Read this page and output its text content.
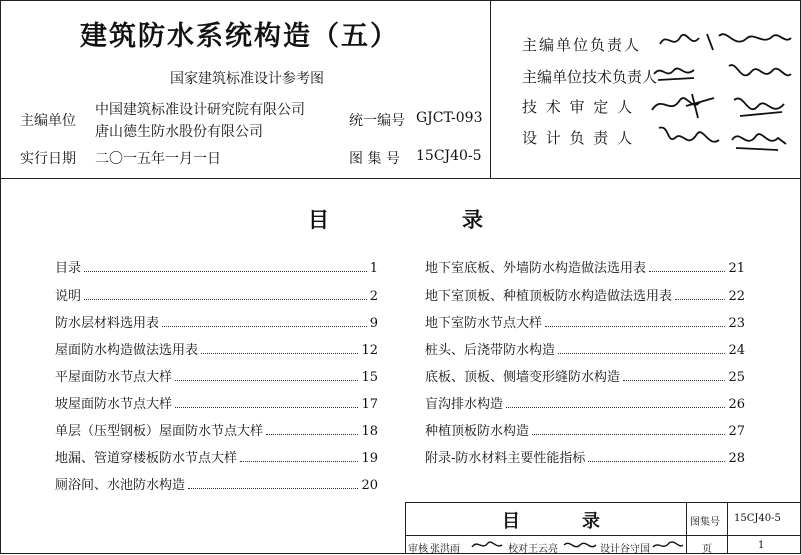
建筑防水系统构造（五）
国家建筑标准设计参考图
主编单位
中国建筑标准设计研究院有限公司
唐山德生防水股份有限公司
统一编号 GJCT-093
实行日期 二〇一五年一月一日	图 集 号 15CJ40-5
主编单位负责人
主编单位技术负责人
技 术 审 定 人
设 计 负 责 人
目	录
目录	1
说明	2
防水层材料选用表	9
屋面防水构造做法选用表	12
平屋面防水节点大样	15
坡屋面防水节点大样	17
单层（压型钢板）屋面防水节点大样	18
地漏、管道穿楼板防水节点大样	19
厕浴间、水池防水构造	20
地下室底板、外墙防水构造做法选用表	21
地下室顶板、种植顶板防水构造做法选用表	22
地下室防水节点大样	23
桩头、后浇带防水构造	24
底板、顶板、侧墙变形缝防水构造	25
盲沟排水构造	26
种植顶板防水构造	27
附录-防水材料主要性能指标	28
目	录	图集号 15CJ40-5
审核 张洪雨	校对 王云亮	设计 谷守国	页	1
